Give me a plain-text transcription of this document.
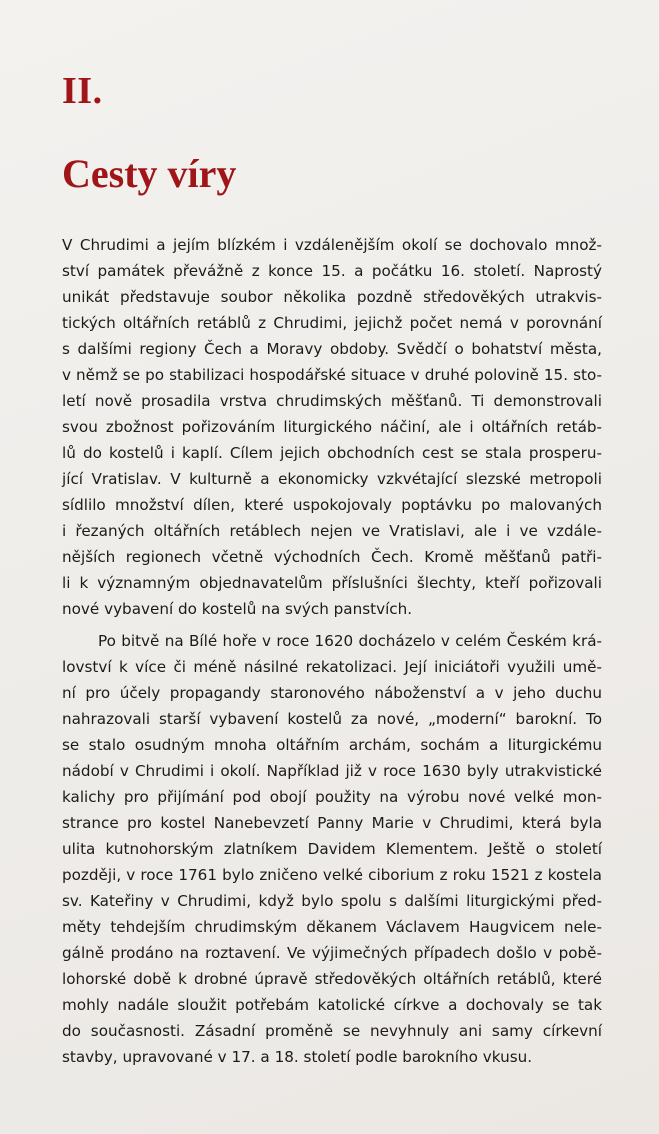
II.
Cesty víry
V Chrudimi a jejím blízkém i vzdálenějším okolí se dochovalo množ-
ství památek převážně z konce 15. a počátku 16. století. Naprostý
unikát představuje soubor několika pozdně středověkých utrakvis-
tických oltářních retáblů z Chrudimi, jejichž počet nemá v porovnání
s dalšími regiony Čech a Moravy obdoby. Svědčí o bohatství města,
v němž se po stabilizaci hospodářské situace v druhé polovině 15. sto-
letí nově prosadila vrstva chrudimských měšťanů. Ti demonstrovali
svou zbožnost pořizováním liturgického náčiní, ale i oltářních retáb-
lů do kostelů i kaplí. Cílem jejich obchodních cest se stala prosperu-
jící Vratislav. V kulturně a ekonomicky vzkvétající slezské metropoli
sídlilo množství dílen, které uspokojovaly poptávku po malovaných
i řezaných oltářních retáblech nejen ve Vratislavi, ale i ve vzdále-
nějších regionech včetně východních Čech. Kromě měšťanů patři-
li k významným objednavatelům příslušníci šlechty, kteří pořizovali
nové vybavení do kostelů na svých panstvích.
Po bitvě na Bílé hoře v roce 1620 docházelo v celém Českém krá-
lovství k více či méně násilné rekatolizaci. Její iniciátoři využili umě-
ní pro účely propagandy staronového náboženství a v jeho duchu
nahrazovali starší vybavení kostelů za nové, „moderní“ barokní. To
se stalo osudným mnoha oltářním archám, sochám a liturgickému
nádobí v Chrudimi i okolí. Například již v roce 1630 byly utrakvistické
kalichy pro přijímání pod obojí použity na výrobu nové velké mon-
strance pro kostel Nanebevzetí Panny Marie v Chrudimi, která byla
ulita kutnohorským zlatníkem Davidem Klementem. Ještě o století
později, v roce 1761 bylo zničeno velké ciborium z roku 1521 z kostela
sv. Kateřiny v Chrudimi, když bylo spolu s dalšími liturgickými před-
měty tehdejším chrudimským děkanem Václavem Haugvicem nele-
gálně prodáno na roztavení. Ve výjimečných případech došlo v pobě-
lohorské době k drobné úpravě středověkých oltářních retáblů, které
mohly nadále sloužit potřebám katolické církve a dochovaly se tak
do současnosti. Zásadní proměně se nevyhnuly ani samy církevní
stavby, upravované v 17. a 18. století podle barokního vkusu.
